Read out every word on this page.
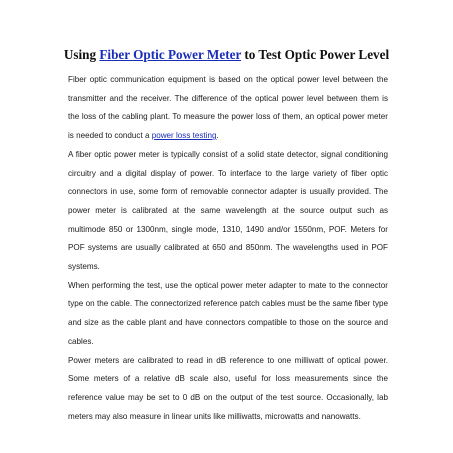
Using Fiber Optic Power Meter to Test Optic Power Level

Fiber optic communication equipment is based on the optical power level between the transmitter and the receiver. The difference of the optical power level between them is the loss of the cabling plant. To measure the power loss of them, an optical power meter is needed to conduct a power loss testing.

A fiber optic power meter is typically consist of a solid state detector, signal conditioning circuitry and a digital display of power. To interface to the large variety of fiber optic connectors in use, some form of removable connector adapter is usually provided. The power meter is calibrated at the same wavelength at the source output such as multimode 850 or 1300nm, single mode, 1310, 1490 and/or 1550nm, POF. Meters for POF systems are usually calibrated at 650 and 850nm. The wavelengths used in POF systems.

When performing the test, use the optical power meter adapter to mate to the connector type on the cable. The connectorized reference patch cables must be the same fiber type and size as the cable plant and have connectors compatible to those on the source and cables.

Power meters are calibrated to read in dB reference to one milliwatt of optical power. Some meters of a relative dB scale also, useful for loss measurements since the reference value may be set to 0 dB on the output of the test source. Occasionally, lab meters may also measure in linear units like milliwatts, microwatts and nanowatts.
